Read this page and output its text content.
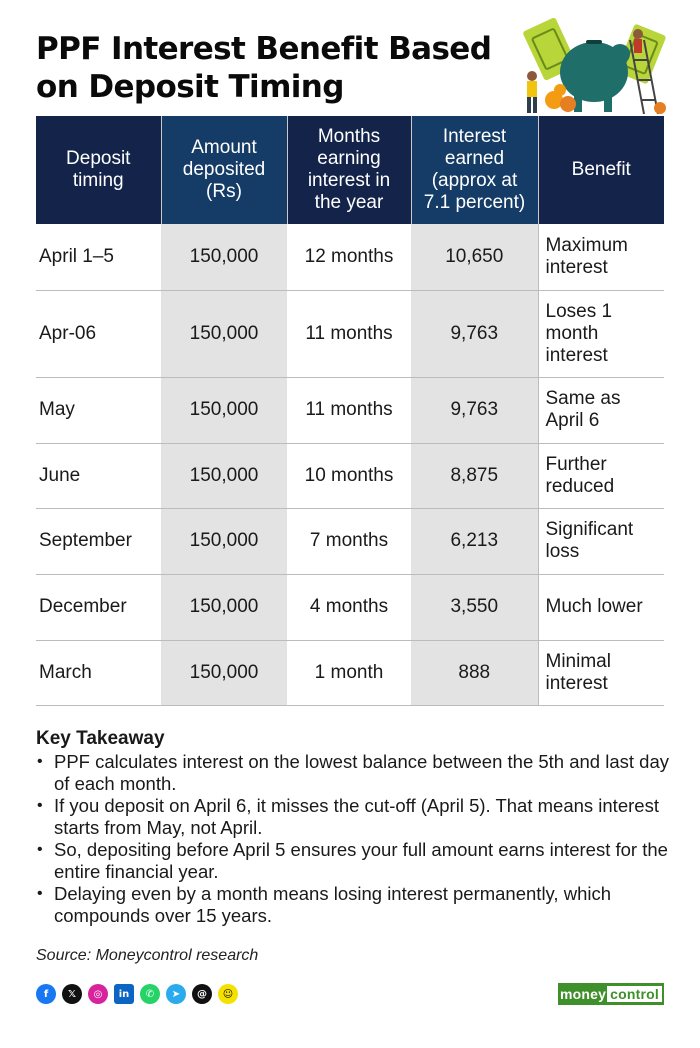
PPF Interest Benefit Based on Deposit Timing
Deposit timing	Amount deposited (Rs)	Months earning interest in the year	Interest earned (approx at 7.1 percent)	Benefit
April 1–5	150,000	12 months	10,650	Maximum interest
Apr-06	150,000	11 months	9,763	Loses 1 month interest
May	150,000	11 months	9,763	Same as April 6
June	150,000	10 months	8,875	Further reduced
September	150,000	7 months	6,213	Significant loss
December	150,000	4 months	3,550	Much lower
March	150,000	1 month	888	Minimal interest
Key Takeaway
• PPF calculates interest on the lowest balance between the 5th and last day of each month.
• If you deposit on April 6, it misses the cut-off (April 5). That means interest starts from May, not April.
• So, depositing before April 5 ensures your full amount earns interest for the entire financial year.
• Delaying even by a month means losing interest permanently, which compounds over 15 years.
Source: Moneycontrol research
f	𝕏	◎	in	✆	➤	@	☺	money control
